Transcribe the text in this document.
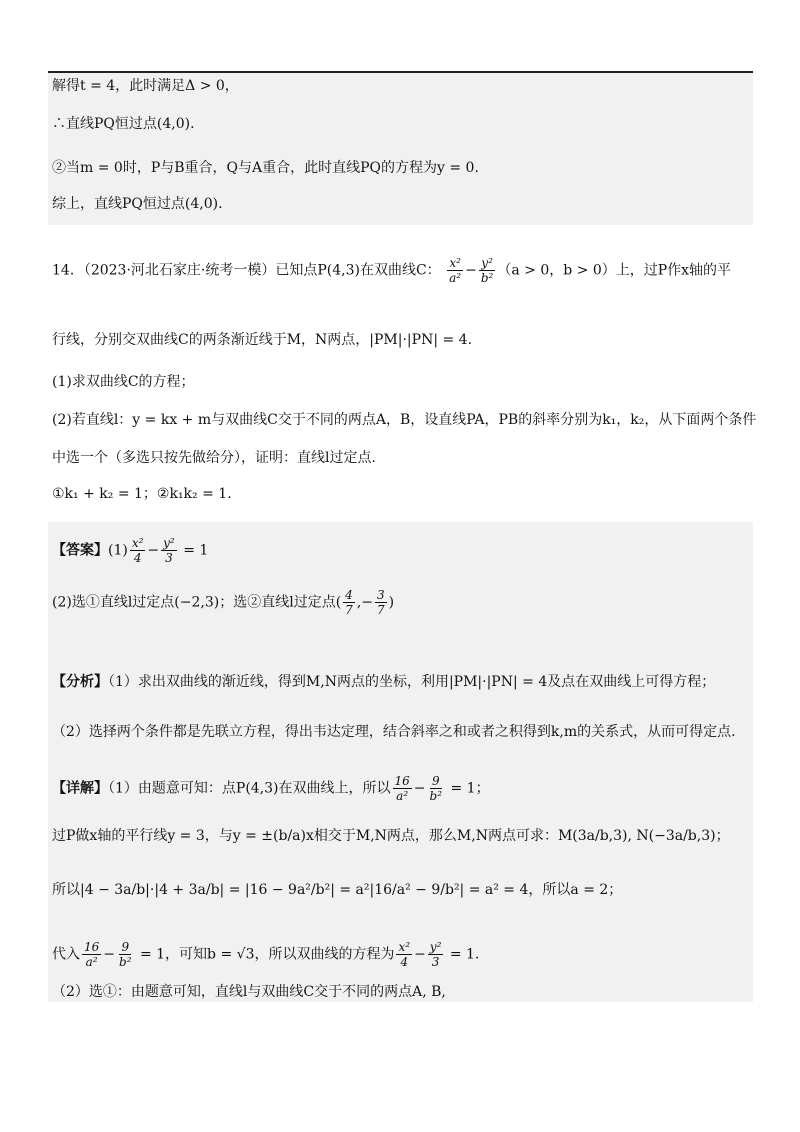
解得t = 4，此时满足Δ > 0，
∴直线PQ恒过点(4,0).
②当m = 0时，P与B重合，Q与A重合，此时直线PQ的方程为y = 0.
综上，直线PQ恒过点(4,0).
14．（2023·河北石家庄·统考一模）已知点P(4,3)在双曲线C： $\frac{\text{x²}}{\text{a²}} - \frac{\text{y²}}{\text{b²}} (a > 0$，b > 0）上，过P作x轴的平
行线，分别交双曲线C的两条渐近线于M，N两点，|PM|·|PN| = 4.
(1)求双曲线C的方程；
(2)若直线l：y = kx + m与双曲线C交于不同的两点A，B，设直线PA，PB的斜率分别为k₁，k₂，从下面两个条件
中选一个（多选只按先做给分），证明：直线l过定点.
①k₁ + k₂ = 1；②k₁k₂ = 1.
【答案】$(1) \frac{\text{x²}}{4} - \frac{\text{y²}}{3} = 1$
(2)选①直线l过定点(−2,3)；选②直线l过定点( $\frac{4}{7}$ ,− $\frac{3}{7}$ )
【分析】（1）求出双曲线的渐近线，得到M,N两点的坐标，利用|PM|·|PN| = 4及点在双曲线上可得方程；
（2）选择两个条件都是先联立方程，得出韦达定理，结合斜率之和或者之积得到k,m的关系式，从而可得定点.
【详解】（1）由题意可知：点P(4,3)在双曲线上，所以 $\frac{16}{\text{a²}} - \frac{9}{\text{b²}} = 1$；
过P做x轴的平行线y = 3，与y = ±(b/a)x相交于M,N两点，那么M,N两点可求：M(3a/b,3), N(−3a/b,3)；
所以|4 − 3a/b|·|4 + 3a/b| = |16 − 9a²/b²| = a²|16/a² − 9/b²| = a² = 4，所以a = 2；
代入 $\frac{16}{\text{a²}} - \frac{9}{\text{b²}} = 1$，可知b = √3，所以双曲线的方程为 $\frac{\text{x²}}{4} - \frac{\text{y²}}{3} = 1$.
（2）选①：由题意可知，直线l与双曲线C交于不同的两点A, B,
